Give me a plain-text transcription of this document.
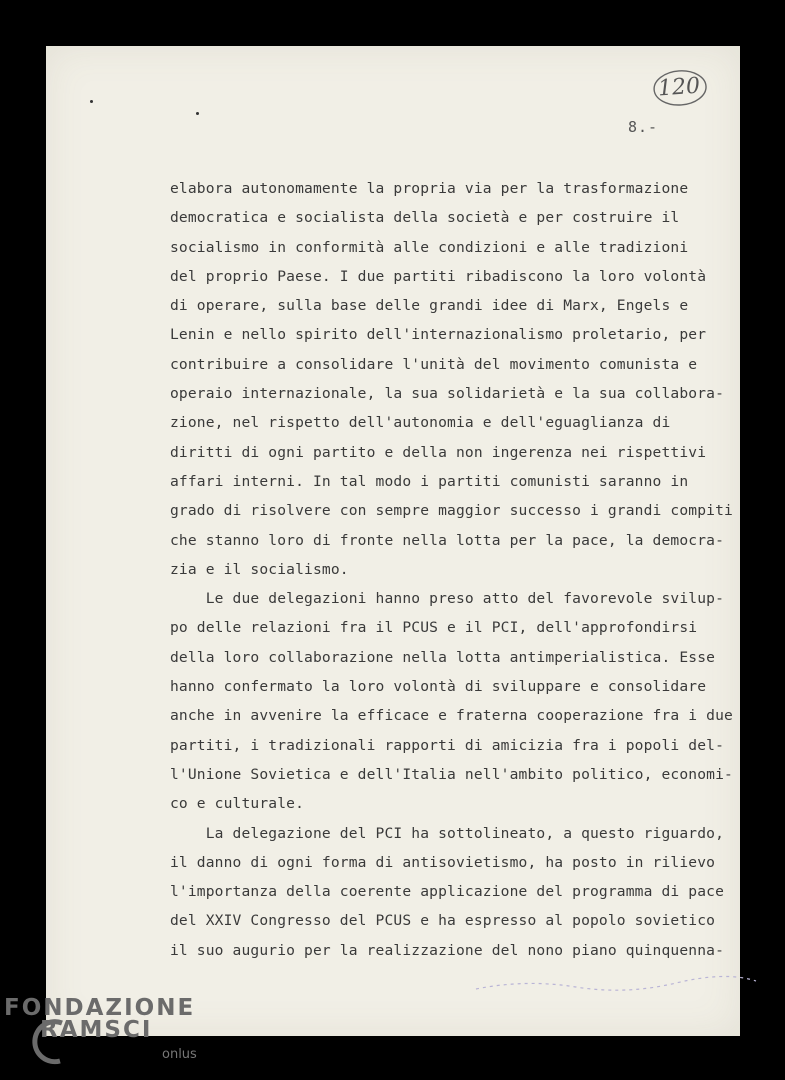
120
8.-
elabora autonomamente la propria via per la trasformazione
democratica e socialista della società e per costruire il
socialismo in conformità alle condizioni e alle tradizioni
del proprio Paese. I due partiti ribadiscono la loro volontà
di operare, sulla base delle grandi idee di Marx, Engels e
Lenin e nello spirito dell'internazionalismo proletario, per
contribuire a consolidare l'unità del movimento comunista e
operaio internazionale, la sua solidarietà e la sua collabora-
zione, nel rispetto dell'autonomia e dell'eguaglianza di
diritti di ogni partito e della non ingerenza nei rispettivi
affari interni. In tal modo i partiti comunisti saranno in
grado di risolvere con sempre maggior successo i grandi compiti
che stanno loro di fronte nella lotta per la pace, la democra-
zia e il socialismo.
Le due delegazioni hanno preso atto del favorevole svilup-
po delle relazioni fra il PCUS e il PCI, dell'approfondirsi
della loro collaborazione nella lotta antimperialistica. Esse
hanno confermato la loro volontà di sviluppare e consolidare
anche in avvenire la efficace e fraterna cooperazione fra i due
partiti, i tradizionali rapporti di amicizia fra i popoli del-
l'Unione Sovietica e dell'Italia nell'ambito politico, economi-
co e culturale.
La delegazione del PCI ha sottolineato, a questo riguardo,
il danno di ogni forma di antisovietismo, ha posto in rilievo
l'importanza della coerente applicazione del programma di pace
del XXIV Congresso del PCUS e ha espresso al popolo sovietico
il suo augurio per la realizzazione del nono piano quinquenna-
FONDAZIONE
RAMSCI
onlus
